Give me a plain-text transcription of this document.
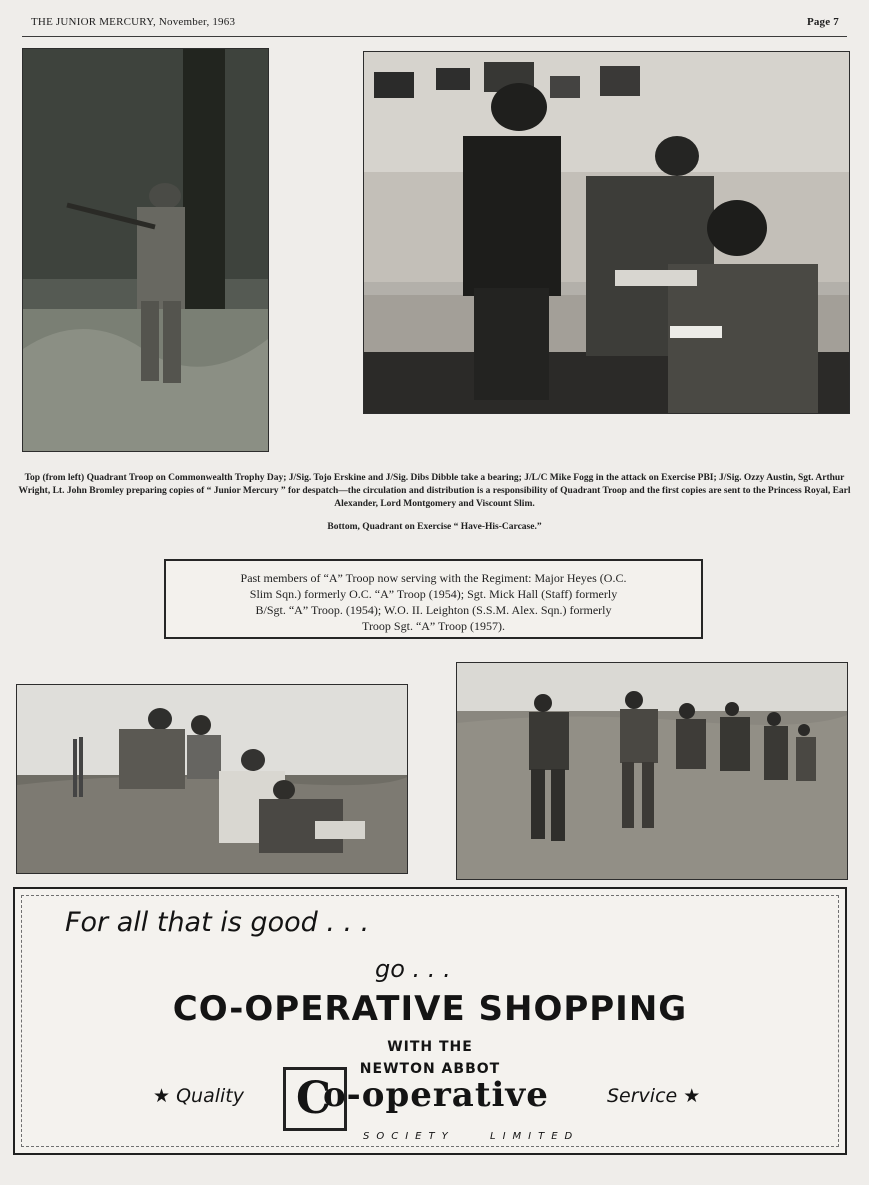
THE JUNIOR MERCURY, November, 1963	Page 7

Top (from left) Quadrant Troop on Commonwealth Trophy Day; J/Sig. Tojo Erskine and J/Sig. Dibs Dibble take a bearing; J/L/C Mike Fogg in the attack on Exercise PBI; J/Sig. Ozzy Austin, Sgt. Arthur Wright, Lt. John Bromley preparing copies of “ Junior Mercury ” for despatch—the circulation and distribution is a responsibility of Quadrant Troop and the first copies are sent to the Princess Royal, Earl Alexander, Lord Montgomery and Viscount Slim.

Bottom, Quadrant on Exercise “ Have-His-Carcase.”

Past members of “A” Troop now serving with the Regiment: Major Heyes (O.C.
Slim Sqn.) formerly O.C. “A” Troop (1954); Sgt. Mick Hall (Staff) formerly
B/Sgt. “A” Troop. (1954); W.O. II. Leighton (S.S.M. Alex. Sqn.) formerly
Troop Sgt. “A” Troop (1957).
For all that is good . . .
go . . .
CO-OPERATIVE SHOPPING
WITH THE
NEWTON ABBOT
★ Quality C
o-operative	Service ★
SOCIETY	LIMITED
